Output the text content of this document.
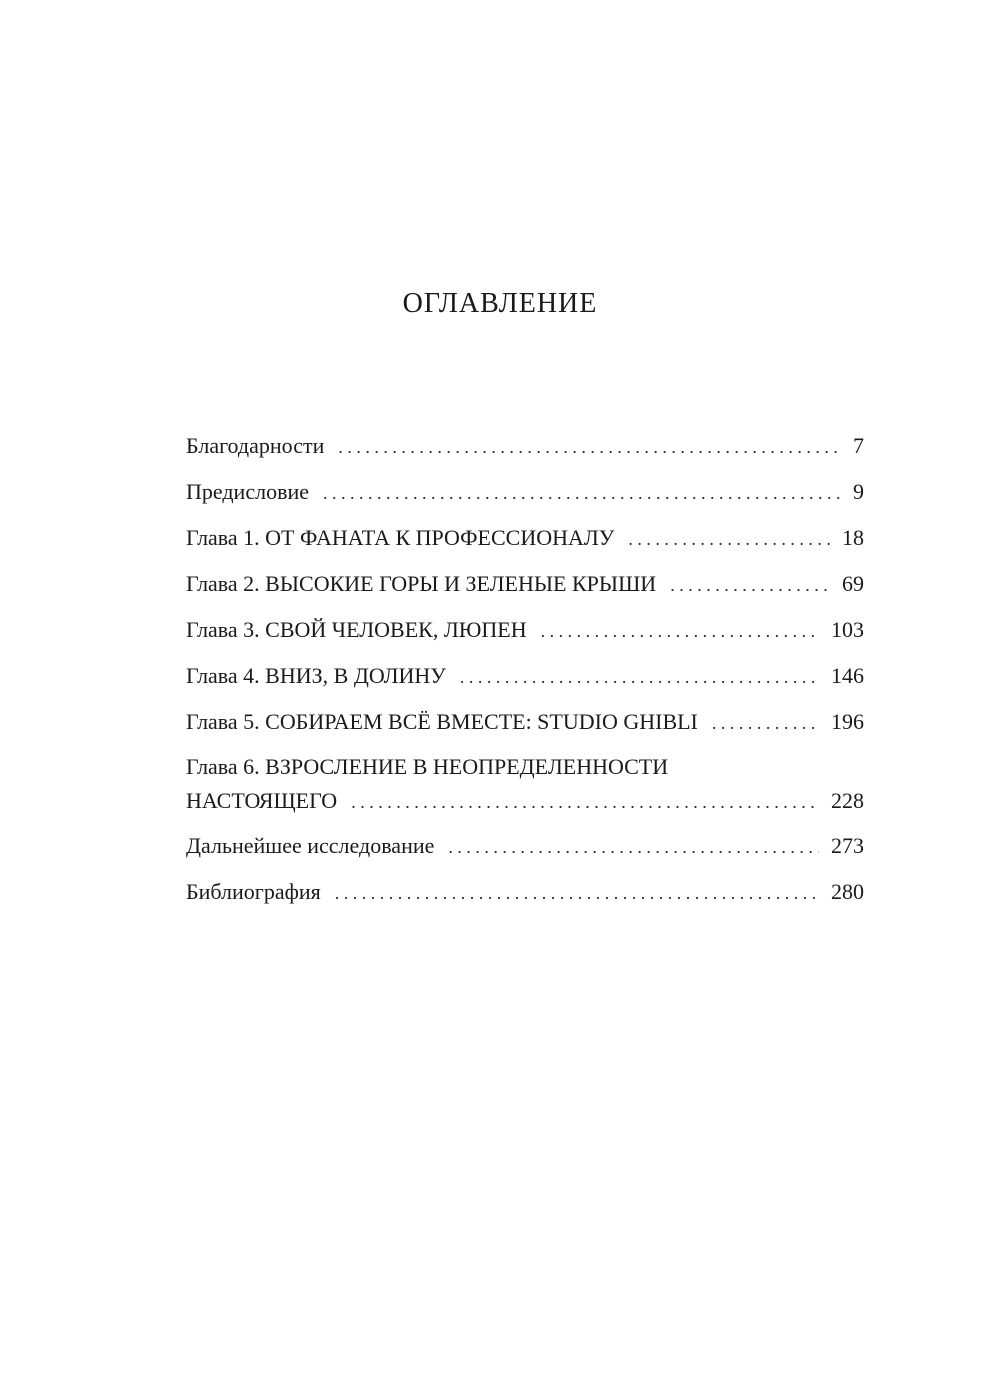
ОГЛАВЛЕНИЕ
Благодарности . . .	7
Предисловие . . .	9
Глава 1. ОТ ФАНАТА К ПРОФЕССИОНАЛУ . . .	18
Глава 2. ВЫСОКИЕ ГОРЫ И ЗЕЛЕНЫЕ КРЫШИ . . .	69
Глава 3. СВОЙ ЧЕЛОВЕК, ЛЮПЕН . . .	103
Глава 4. ВНИЗ, В ДОЛИНУ . . .	146
Глава 5. СОБИРАЕМ ВСЁ ВМЕСТЕ: STUDIO GHIBLI . . .	196
Глава 6. ВЗРОСЛЕНИЕ В НЕОПРЕДЕЛЕННОСТИ
НАСТОЯЩЕГО . . .	228
Дальнейшее исследование . . .	273
Библиография . . .	280
